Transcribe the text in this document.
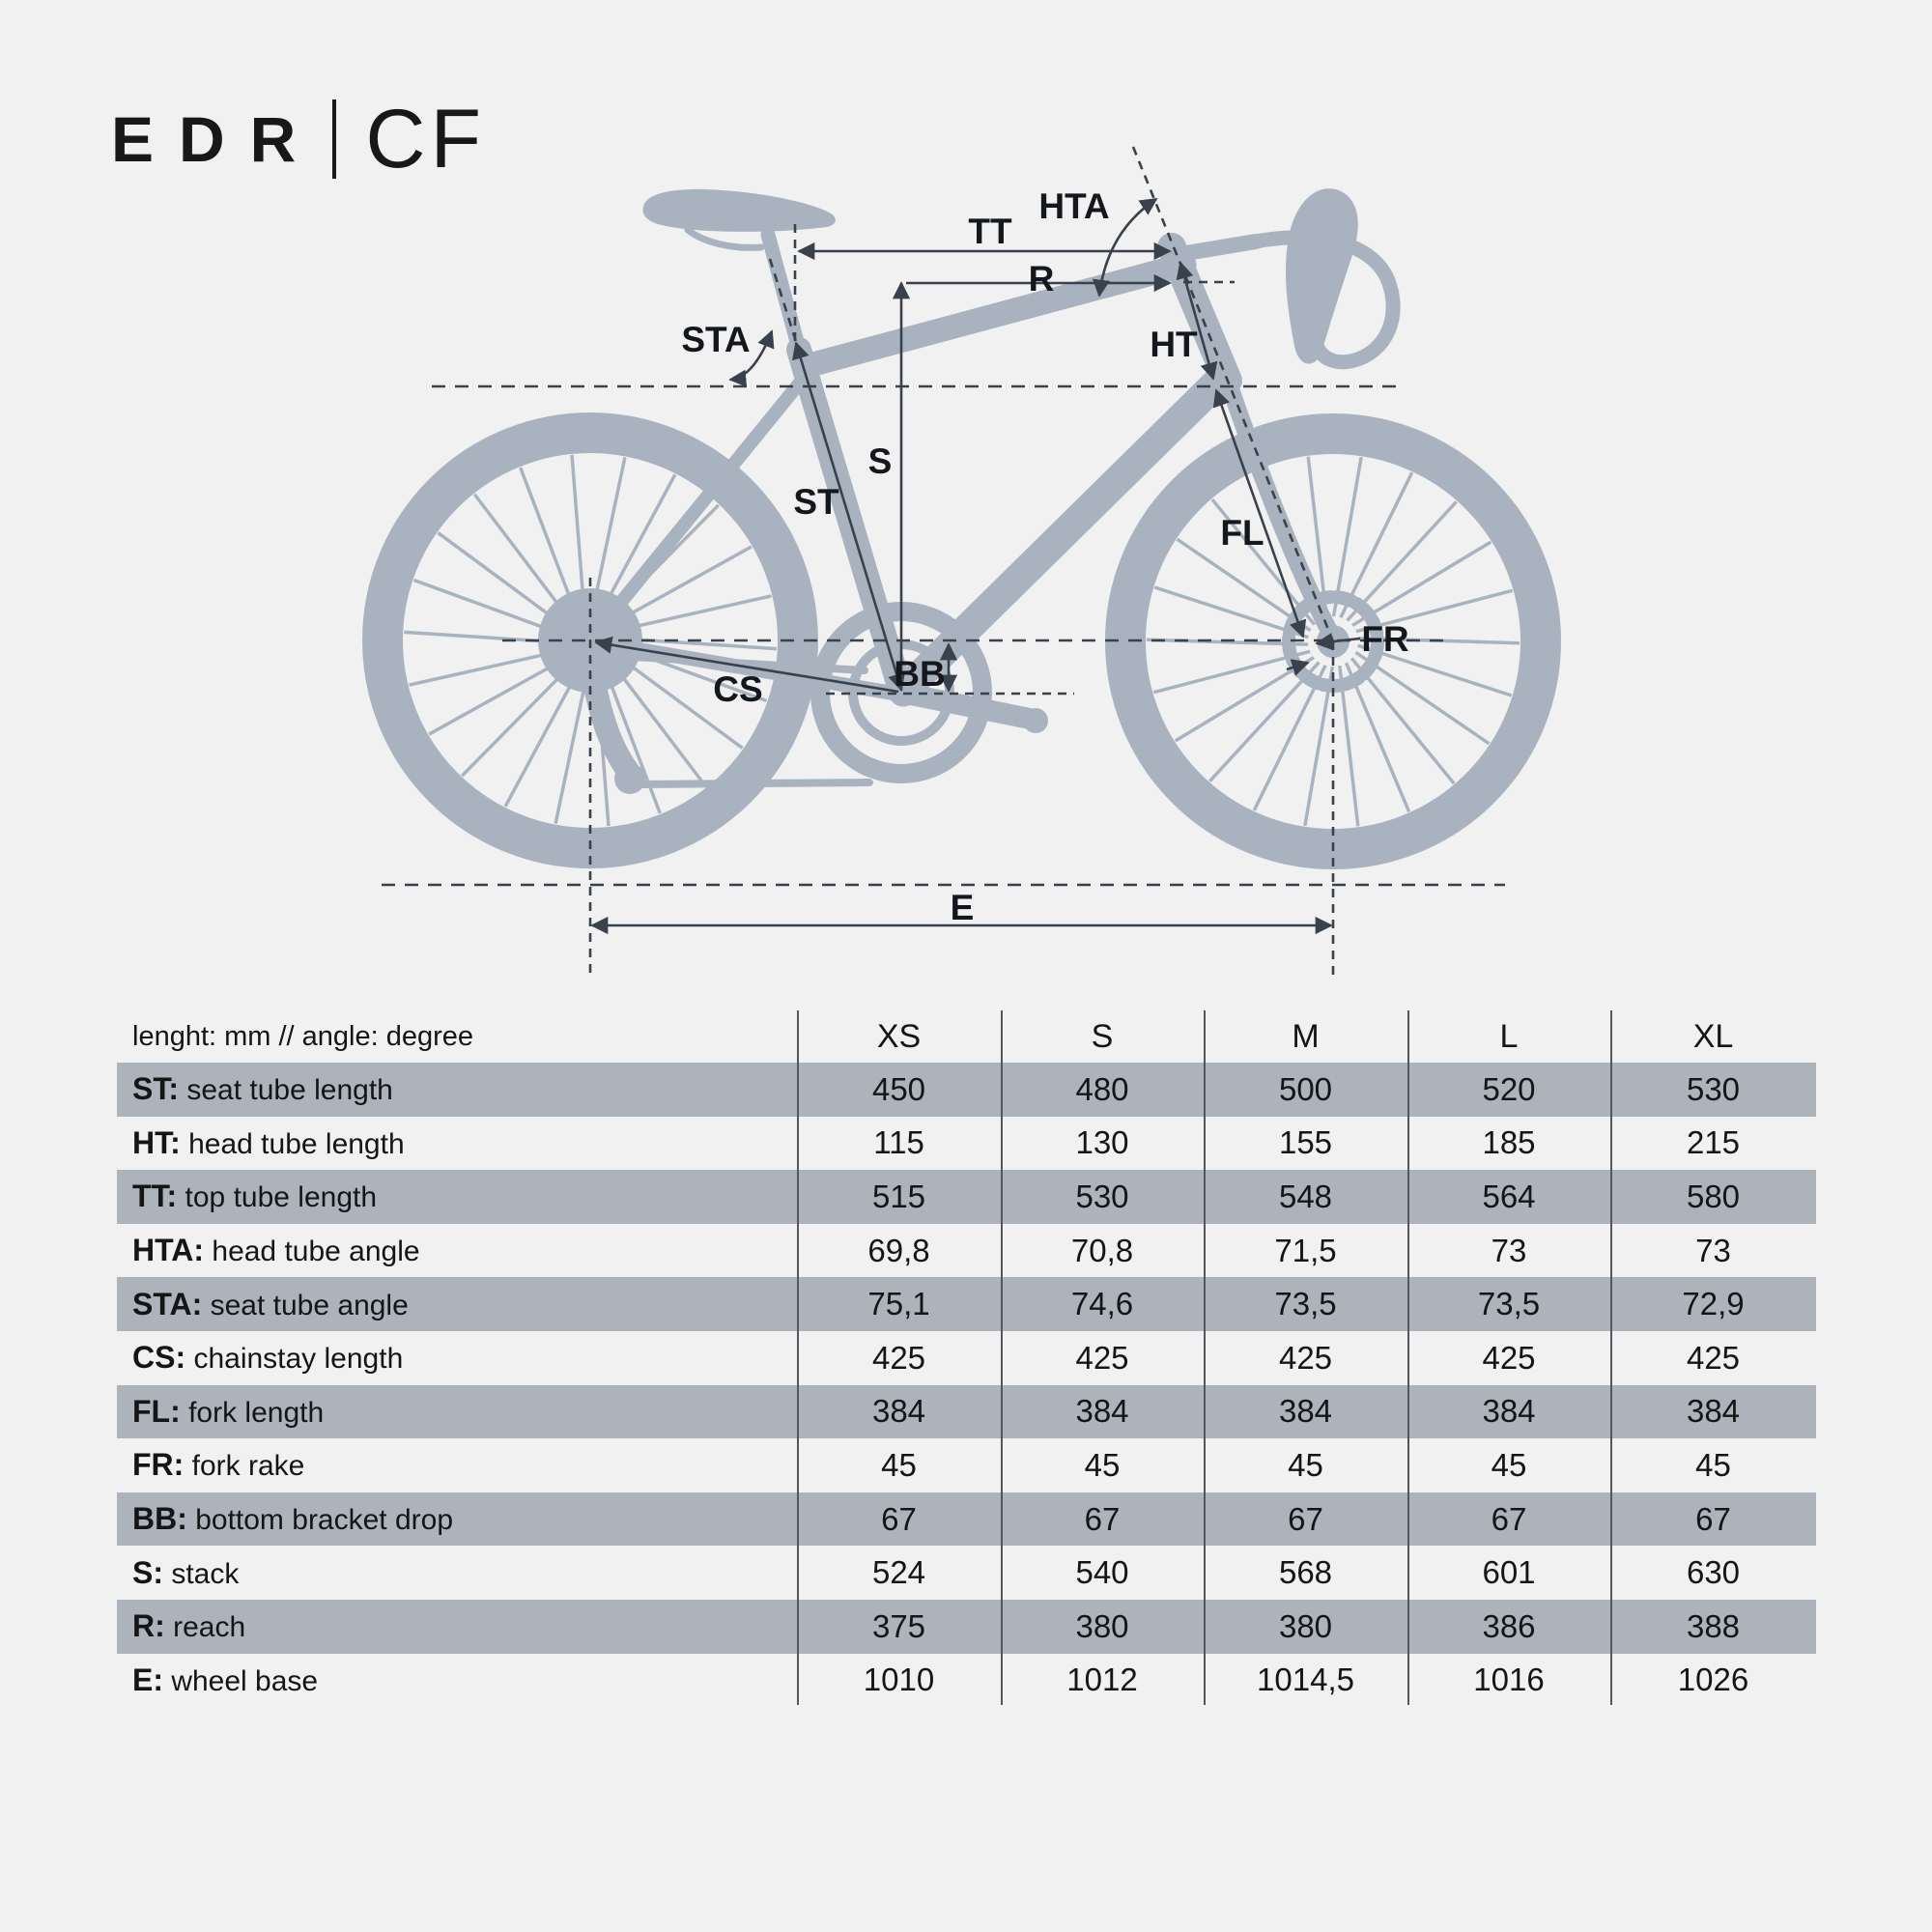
EDR CF
HTA
TT
R
STA	HT
S
ST
FL
FR
CS	BB
E
lenght: mm // angle: degree	XS	S	M	L	XL
ST: seat tube length	450	480	500	520	530
HT: head tube length	115	130	155	185	215
TT: top tube length	515	530	548	564	580
HTA: head tube angle	69,8	70,8	71,5	73	73
STA: seat tube angle	75,1	74,6	73,5	73,5	72,9
CS: chainstay length	425	425	425	425	425
FL: fork length	384	384	384	384	384
FR: fork rake	45	45	45	45	45
BB: bottom bracket drop	67	67	67	67	67
S: stack	524	540	568	601	630
R: reach	375	380	380	386	388
E: wheel base	1010	1012	1014,5	1016	1026
